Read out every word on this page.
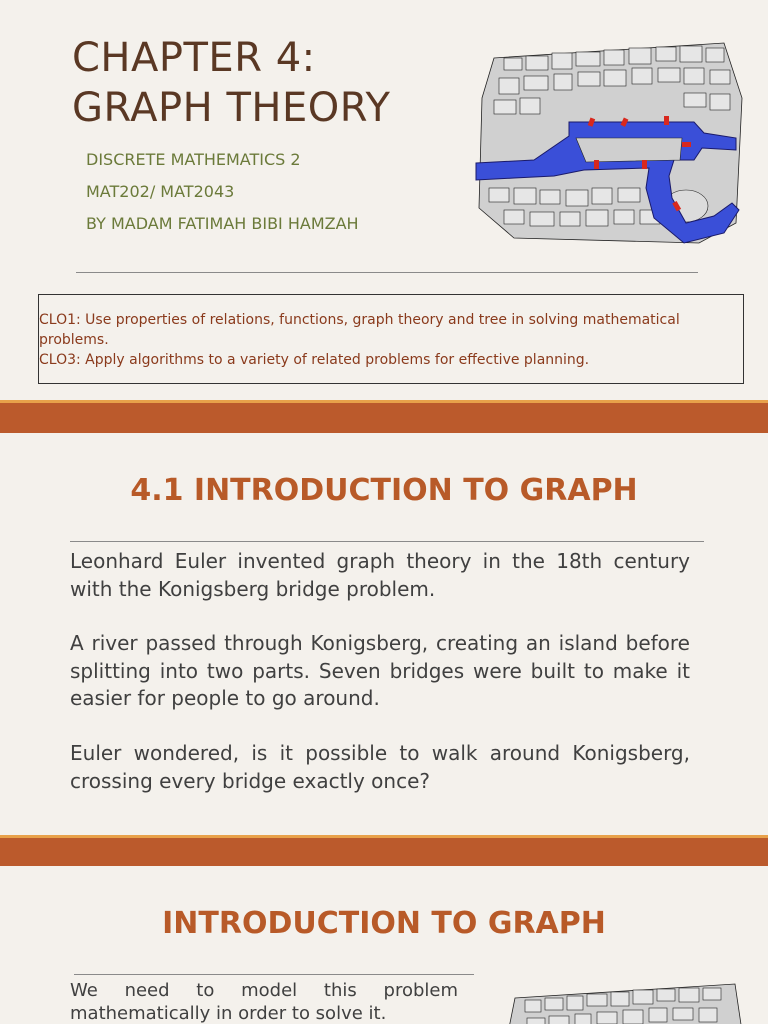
CHAPTER 4:
GRAPH THEORY
DISCRETE MATHEMATICS 2
MAT202/ MAT2043
BY MADAM FATIMAH BIBI HAMZAH
CLO1: Use properties of relations, functions, graph theory and tree in solving mathematical problems.
CLO3: Apply algorithms to a variety of related problems for effective planning.
4.1 INTRODUCTION TO GRAPH

Leonhard Euler invented graph theory in the 18th century with the Konigsberg bridge problem.

A river passed through Konigsberg, creating an island before splitting into two parts. Seven bridges were built to make it easier for people to go around.

Euler wondered, is it possible to walk around Konigsberg, crossing every bridge exactly once?

INTRODUCTION TO GRAPH

We need to model this problem mathematically in order to solve it.
